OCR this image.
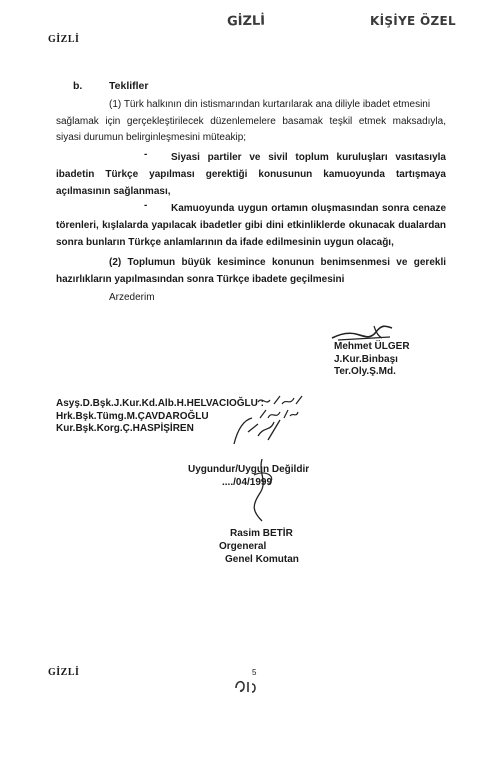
GİZLİ
GİZLİ	KİŞİYE ÖZEL
b.	Teklifler
(1) Türk halkının din istismarından kurtarılarak ana diliyle ibadet etmesini
sağlamak için gerçekleştirilecek düzenlemelere basamak teşkil etmek maksadıyla,
siyasi durumun belirginleşmesini müteakip;
-	Siyasi partiler ve sivil toplum kuruluşları vasıtasıyla
ibadetin Türkçe yapılması gerektiği konusunun kamuoyunda tartışmaya
açılmasının sağlanması,
-	Kamuoyunda uygun ortamın oluşmasından sonra cenaze
törenleri, kışlalarda yapılacak ibadetler gibi dini etkinliklerde okunacak dualardan
sonra bunların Türkçe anlamlarının da ifade edilmesinin uygun olacağı,
(2) Toplumun büyük kesimince konunun benimsenmesi ve gerekli
hazırlıkların yapılmasından sonra Türkçe ibadete geçilmesini
Arzederim
Mehmet ÜLGER
J.Kur.Binbaşı
Ter.Oly.Ş.Md.
Asyş.D.Bşk.J.Kur.Kd.Alb.H.HELVACIOĞLU :
Hrk.Bşk.Tümg.M.ÇAVDAROĞLU
Kur.Bşk.Korg.Ç.HASPİŞİREN
Uygundur/Uygun Değildir
..../04/1999
Rasim BETİR
Orgeneral
Genel Komutan
GİZLİ	5
